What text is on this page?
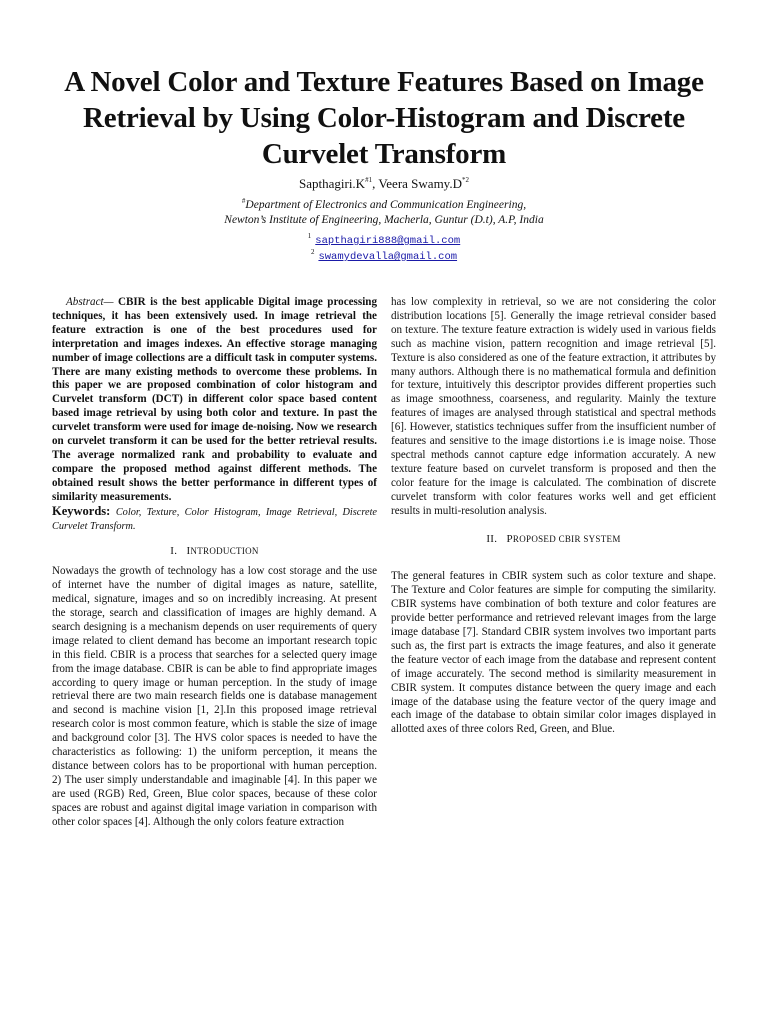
A Novel Color and Texture Features Based on Image Retrieval by Using Color-Histogram and Discrete Curvelet Transform
$Sapthagiri.K^{\#1}$, Veera $Swamy.D^{*2}$
#Department of Electronics and Communication Engineering,
Newton’s Institute of Engineering, Macherla, Guntur (D.t), A.P, India
$^1$ sapthagiri888@gmail.com
$^2$ swamydevalla@gmail.com

Abstract— CBIR is the best applicable Digital image processing techniques, it has been extensively used. In image retrieval the feature extraction is one of the best procedures used for interpretation and images indexes. An effective storage managing number of image collections are a difficult task in computer systems. There are many existing methods to overcome these problems. In this paper we are proposed combination of color histogram and Curvelet transform (DCT) in different color space based content based image retrieval by using both color and texture. In past the curvelet transform were used for image de-noising. Now we research on curvelet transform it can be used for the better retrieval results. The average normalized rank and probability to evaluate and compare the proposed method against different methods. The obtained result shows the better performance in different types of similarity measurements.

Keywords: Color, Texture, Color Histogram, Image Retrieval, Discrete Curvelet Transform.

I. INTRODUCTION

Nowadays the growth of technology has a low cost storage and the use of internet have the number of digital images as nature, satellite, medical, signature, images and so on incredibly increasing. At present the storage, search and classification of images are highly demand. A search designing is a mechanism depends on user requirements of query image related to client demand has become an important research topic in this field. CBIR is a process that searches for a selected query image from the image database. CBIR is can be able to find appropriate images according to query image or human perception. In the study of image retrieval there are two main research fields one is database management and second is machine vision [1, 2].In this proposed image retrieval research color is most common feature, which is stable the size of image and background color [3]. The HVS color spaces is needed to have the characteristics as following: 1) the uniform perception, it means the distance between colors has to be proportional with human perception. 2) The user simply understandable and imaginable [4]. In this paper we are used (RGB) Red, Green, Blue color spaces, because of these color spaces are robust and against digital image variation in comparison with other color spaces [4]. Although the only colors feature extraction

has low complexity in retrieval, so we are not considering the color distribution locations [5]. Generally the image retrieval consider based on texture. The texture feature extraction is widely used in various fields such as machine vision, pattern recognition and image retrieval [5]. Texture is also considered as one of the feature extraction, it attributes by many authors. Although there is no mathematical formula and definition for texture, intuitively this descriptor provides different properties such as image smoothness, coarseness, and regularity. Mainly the texture features of images are analysed through statistical and spectral methods [6]. However, statistics techniques suffer from the insufficient number of features and sensitive to the image distortions i.e is image noise. Those spectral methods cannot capture edge information accurately. A new texture feature based on curvelet transform is proposed and then the color feature for the image is calculated. The combination of discrete curvelet transform with color features works well and get efficient results in multi-resolution analysis.

II. PROPOSED CBIR SYSTEM

The general features in CBIR system such as color texture and shape. The Texture and Color features are simple for computing the similarity. CBIR systems have combination of both texture and color features are provide better performance and retrieved relevant images from the large image database [7]. Standard CBIR system involves two important parts such as, the first part is extracts the image features, and also it generate the feature vector of each image from the database and represent content of image accurately. The second method is similarity measurement in CBIR system. It computes distance between the query image and each image of the database using the feature vector of the query image and each image of the database to obtain similar color images displayed in allotted axes of three colors Red, Green, and Blue.
